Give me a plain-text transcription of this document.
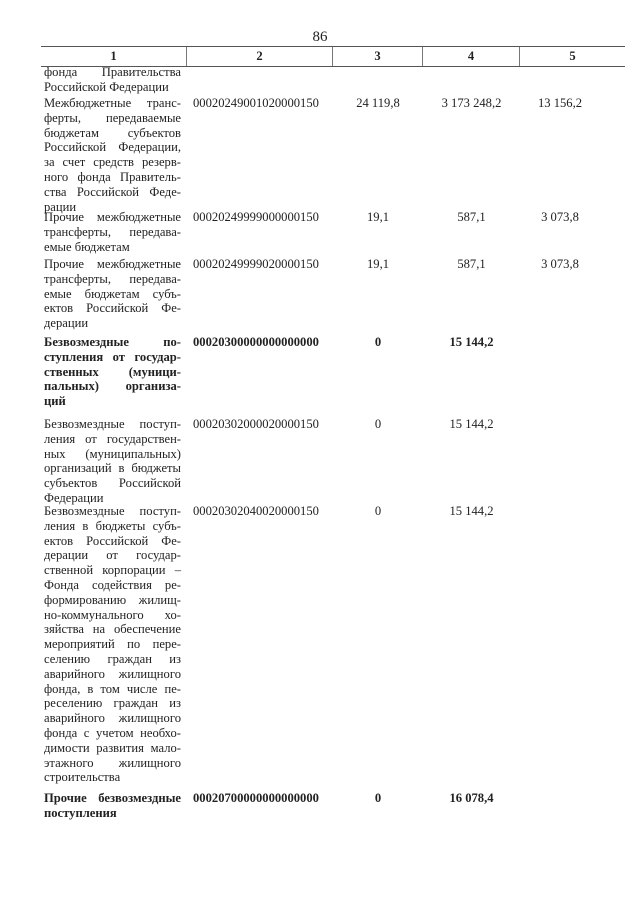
86
1	2	3	4	5
фонда Правительства
Российской Федерации
Межбюджетные транс-
ферты, передаваемые
бюджетам субъектов
Российской Федерации,
за счет средств резерв-
ного фонда Правитель-
ства Российской Феде-
рации
00020249001020000150	24 119,8	3 173 248,2	13 156,2
Прочие межбюджетные
трансферты, передава-
емые бюджетам
00020249999000000150	19,1	587,1	3 073,8
Прочие межбюджетные
трансферты, передава-
емые бюджетам субъ-
ектов Российской Фе-
дерации
00020249999020000150	19,1	587,1	3 073,8
Безвозмездные по-
ступления от государ-
ственных (муници-
пальных) организа-
ций
00020300000000000000	0	15 144,2
Безвозмездные поступ-
ления от государствен-
ных (муниципальных)
организаций в бюджеты
субъектов Российской
Федерации
00020302000020000150	0	15 144,2
Безвозмездные поступ-
ления в бюджеты субъ-
ектов Российской Фе-
дерации от государ-
ственной корпорации –
Фонда содействия ре-
формированию жилищ-
но-коммунального хо-
зяйства на обеспечение
мероприятий по пере-
селению граждан из
аварийного жилищного
фонда, в том числе пе-
реселению граждан из
аварийного жилищного
фонда с учетом необхо-
димости развития мало-
этажного жилищного
строительства
00020302040020000150	0	15 144,2
Прочие безвозмездные
поступления
00020700000000000000	0	16 078,4
